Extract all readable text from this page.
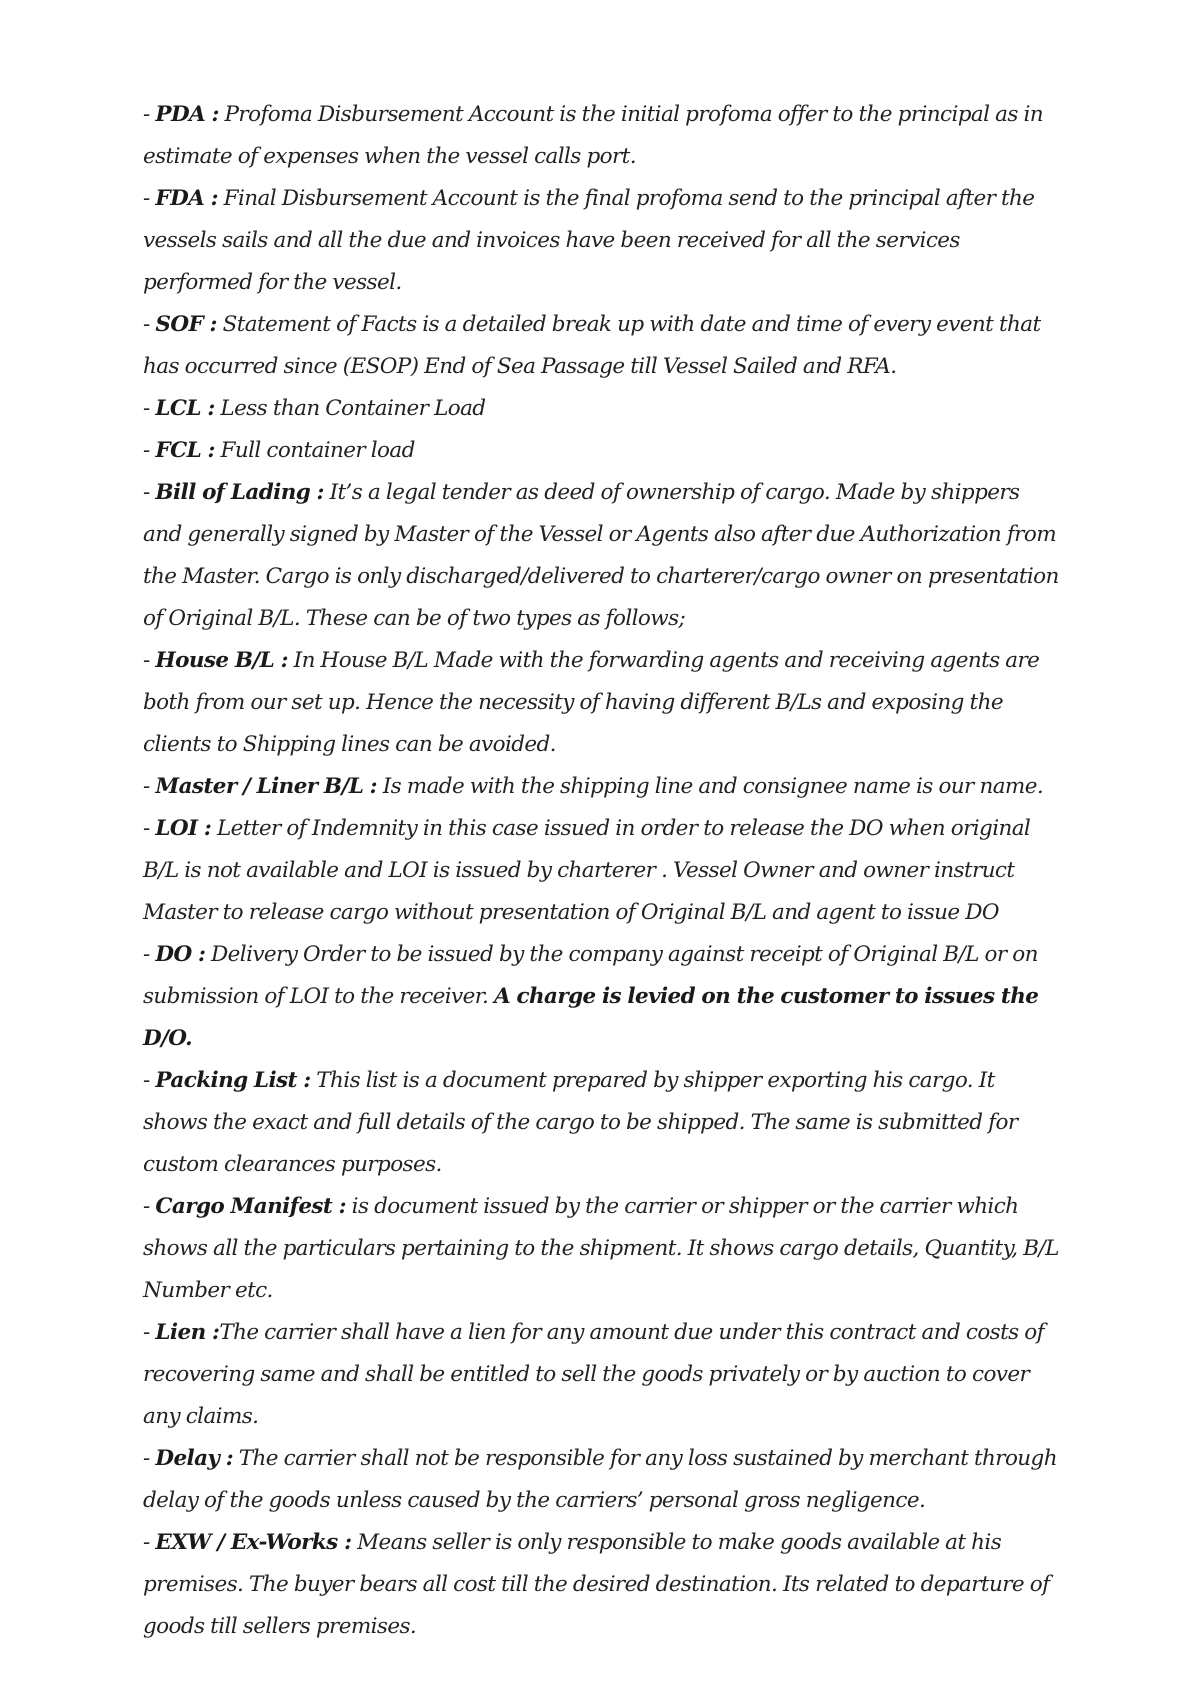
- PDA : Profoma Disbursement Account is the initial profoma offer to the principal as in estimate of expenses when the vessel calls port.

- FDA : Final Disbursement Account is the final profoma send to the principal after the vessels sails and all the due and invoices have been received for all the services performed for the vessel.

- SOF : Statement of Facts is a detailed break up with date and time of every event that has occurred since (ESOP) End of Sea Passage till Vessel Sailed and RFA.

- LCL : Less than Container Load

- FCL : Full container load

- Bill of Lading : It’s a legal tender as deed of ownership of cargo. Made by shippers and generally signed by Master of the Vessel or Agents also after due Authorization from the Master. Cargo is only discharged/delivered to charterer/cargo owner on presentation of Original B/L. These can be of two types as follows;

- House B/L : In House B/L Made with the forwarding agents and receiving agents are both from our set up. Hence the necessity of having different B/Ls and exposing the clients to Shipping lines can be avoided.

- Master / Liner B/L : Is made with the shipping line and consignee name is our name.

- LOI : Letter of Indemnity in this case issued in order to release the DO when original B/L is not available and LOI is issued by charterer . Vessel Owner and owner instruct Master to release cargo without presentation of Original B/L and agent to issue DO

- DO : Delivery Order to be issued by the company against receipt of Original B/L or on submission of LOI to the receiver. A charge is levied on the customer to issues the D/O.

- Packing List : This list is a document prepared by shipper exporting his cargo. It shows the exact and full details of the cargo to be shipped. The same is submitted for custom clearances purposes.

- Cargo Manifest : is document issued by the carrier or shipper or the carrier which shows all the particulars pertaining to the shipment. It shows cargo details, Quantity, B/L Number etc.

- Lien :The carrier shall have a lien for any amount due under this contract and costs of recovering same and shall be entitled to sell the goods privately or by auction to cover any claims.

- Delay : The carrier shall not be responsible for any loss sustained by merchant through delay of the goods unless caused by the carriers’ personal gross negligence.

- EXW / Ex-Works : Means seller is only responsible to make goods available at his premises. The buyer bears all cost till the desired destination. Its related to departure of goods till sellers premises.
